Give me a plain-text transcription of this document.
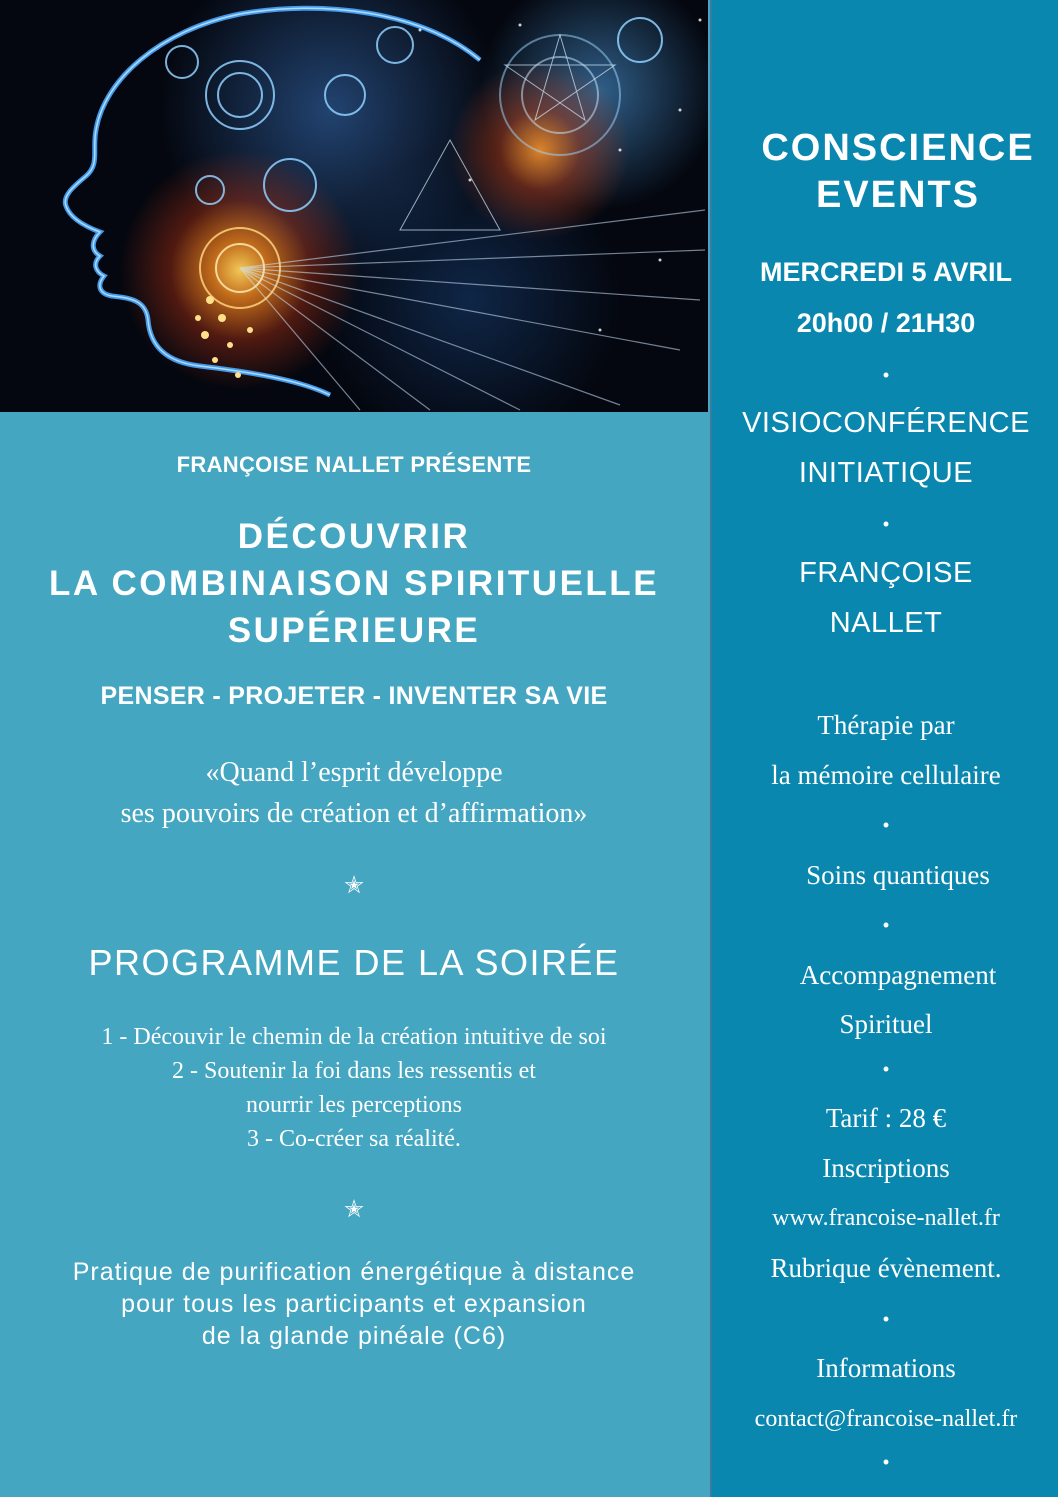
FRANÇOISE NALLET PRÉSENTE
DÉCOUVRIR
LA COMBINAISON SPIRITUELLE
SUPÉRIEURE
PENSER - PROJETER - INVENTER SA VIE
«Quand l’esprit développe
ses pouvoirs de création et d’affirmation»
✭
PROGRAMME DE LA SOIRÉE
1 - Découvir le chemin de la création intuitive de soi
2 - Soutenir la foi dans les ressentis et
nourrir les perceptions
3 - Co-créer sa réalité.
✭
Pratique de purification énergétique à distance
pour tous les participants et expansion
de la glande pinéale (C6)
CONSCIENCE
EVENTS
MERCREDI 5 AVRIL
20h00 / 21H30
•
VISIOCONFÉRENCE
INITIATIQUE
•
FRANÇOISE
NALLET
Thérapie par
la mémoire cellulaire
•
Soins quantiques
•
Accompagnement
Spirituel
•
Tarif : 28 €
Inscriptions
www.francoise-nallet.fr
Rubrique évènement.
•
Informations
contact@francoise-nallet.fr
•
